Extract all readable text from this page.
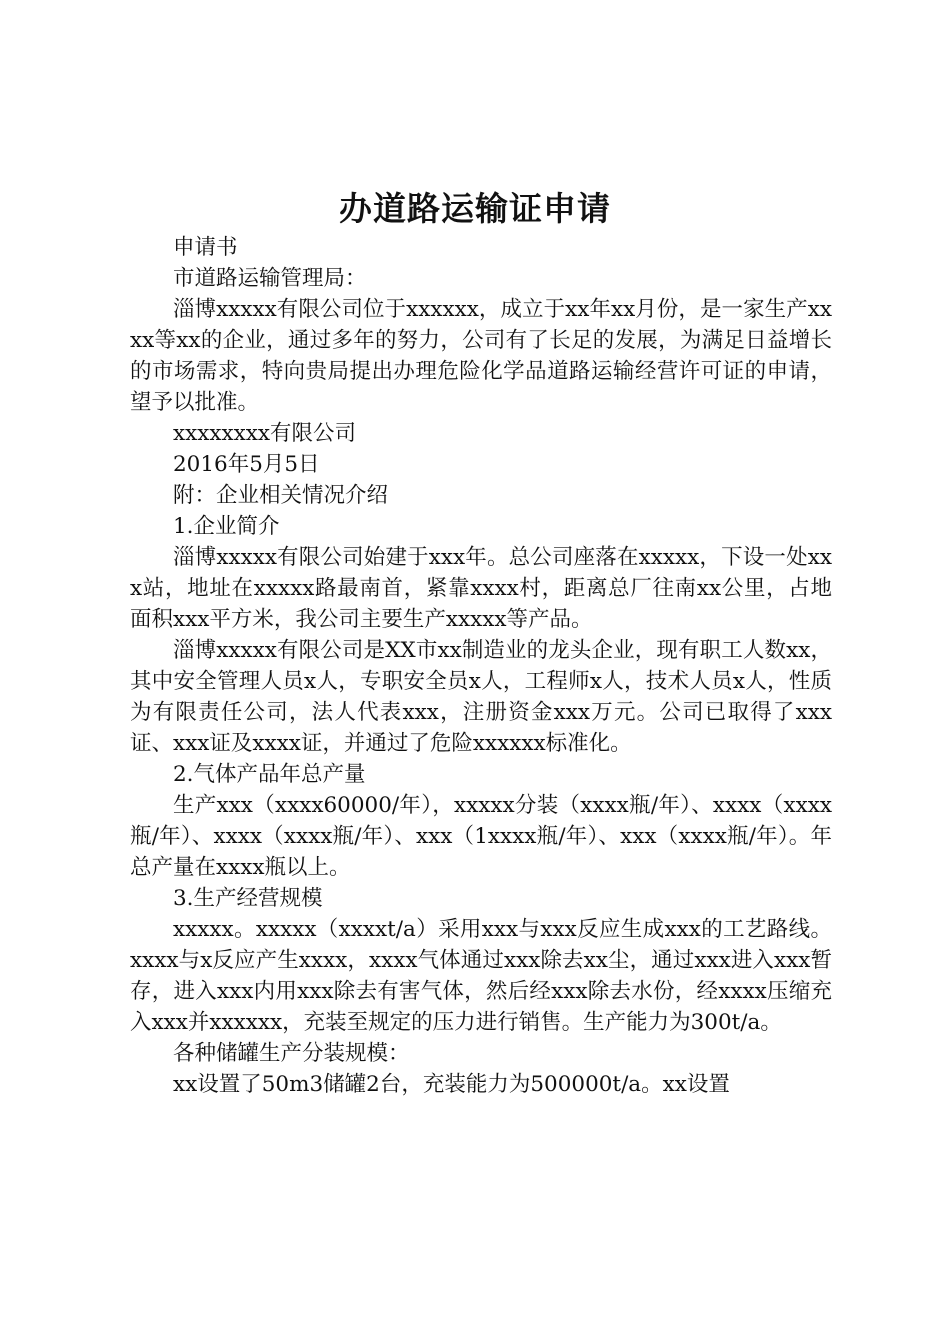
办道路运输证申请

申请书

市道路运输管理局：

淄博xxxxx有限公司位于xxxxxx，成立于xx年xx月份，是一家生产xxxx等xx的企业，通过多年的努力，公司有了长足的发展，为满足日益增长的市场需求，特向贵局提出办理危险化学品道路运输经营许可证的申请，望予以批准。

xxxxxxxx有限公司

2016年5月5日

附：企业相关情况介绍

1.企业简介

淄博xxxxx有限公司始建于xxx年。总公司座落在xxxxx，下设一处xxx站，地址在xxxxx路最南首，紧靠xxxx村，距离总厂往南xx公里，占地面积xxx平方米，我公司主要生产xxxxx等产品。

淄博xxxxx有限公司是XX市xx制造业的龙头企业，现有职工人数xx，其中安全管理人员x人，专职安全员x人，工程师x人，技术人员x人，性质为有限责任公司，法人代表xxx，注册资金xxx万元。公司已取得了xxx证、xxx证及xxxx证，并通过了危险xxxxxx标准化。

2.气体产品年总产量

生产xxx（xxxx60000/年），xxxxx分装（xxxx瓶/年）、xxxx（xxxx瓶/年）、xxxx（xxxx瓶/年）、xxx（1xxxx瓶/年）、xxx（xxxx瓶/年）。年总产量在xxxx瓶以上。

3.生产经营规模

xxxxx。xxxxx（xxxxt/a）采用xxx与xxx反应生成xxx的工艺路线。xxxx与x反应产生xxxx，xxxx气体通过xxx除去xx尘，通过xxx进入xxx暂存，进入xxx内用xxx除去有害气体，然后经xxx除去水份，经xxxx压缩充入xxx并xxxxxx，充装至规定的压力进行销售。生产能力为300t/a。

各种储罐生产分装规模：

xx设置了50m3储罐2台，充装能力为500000t/a。xx设置
